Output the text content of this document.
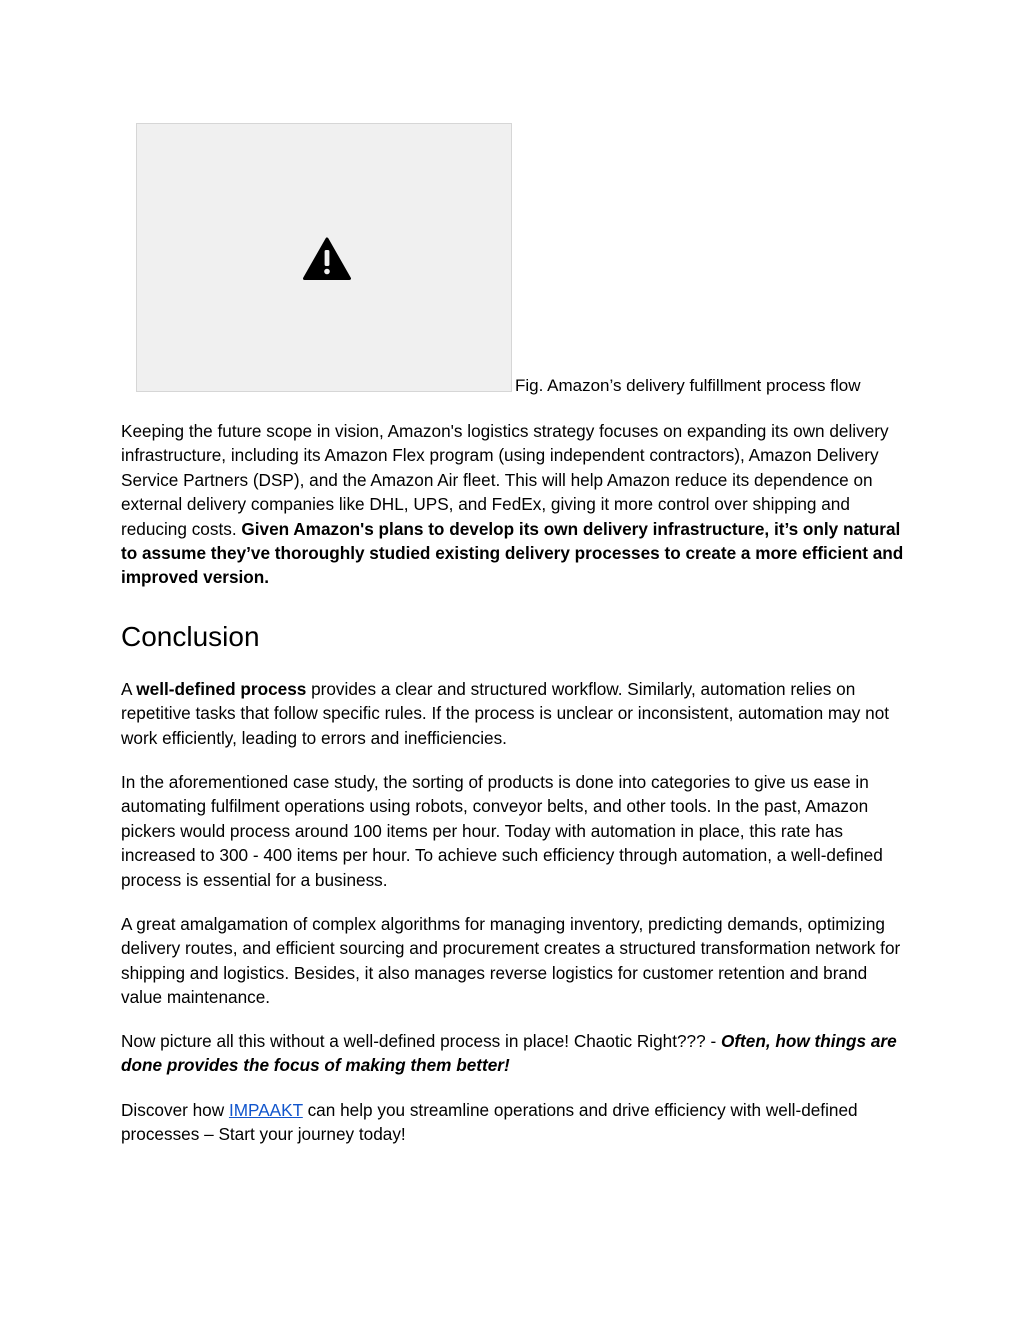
Fig. Amazon’s delivery fulfillment process flow

Keeping the future scope in vision, Amazon's logistics strategy focuses on expanding its own delivery infrastructure, including its Amazon Flex program (using independent contractors), Amazon Delivery Service Partners (DSP), and the Amazon Air fleet. This will help Amazon reduce its dependence on external delivery companies like DHL, UPS, and FedEx, giving it more control over shipping and reducing costs. Given Amazon's plans to develop its own delivery infrastructure, it’s only natural to assume they’ve thoroughly studied existing delivery processes to create a more efficient and improved version.

Conclusion

A well-defined process provides a clear and structured workflow. Similarly, automation relies on repetitive tasks that follow specific rules. If the process is unclear or inconsistent, automation may not work efficiently, leading to errors and inefficiencies.

In the aforementioned case study, the sorting of products is done into categories to give us ease in automating fulfilment operations using robots, conveyor belts, and other tools. In the past, Amazon pickers would process around 100 items per hour. Today with automation in place, this rate has increased to 300 - 400 items per hour. To achieve such efficiency through automation, a well-defined process is essential for a business.

A great amalgamation of complex algorithms for managing inventory, predicting demands, optimizing delivery routes, and efficient sourcing and procurement creates a structured transformation network for shipping and logistics. Besides, it also manages reverse logistics for customer retention and brand value maintenance.

Now picture all this without a well-defined process in place! Chaotic Right??? - Often, how things are done provides the focus of making them better!

Discover how IMPAAKT can help you streamline operations and drive efficiency with well-defined processes – Start your journey today!
